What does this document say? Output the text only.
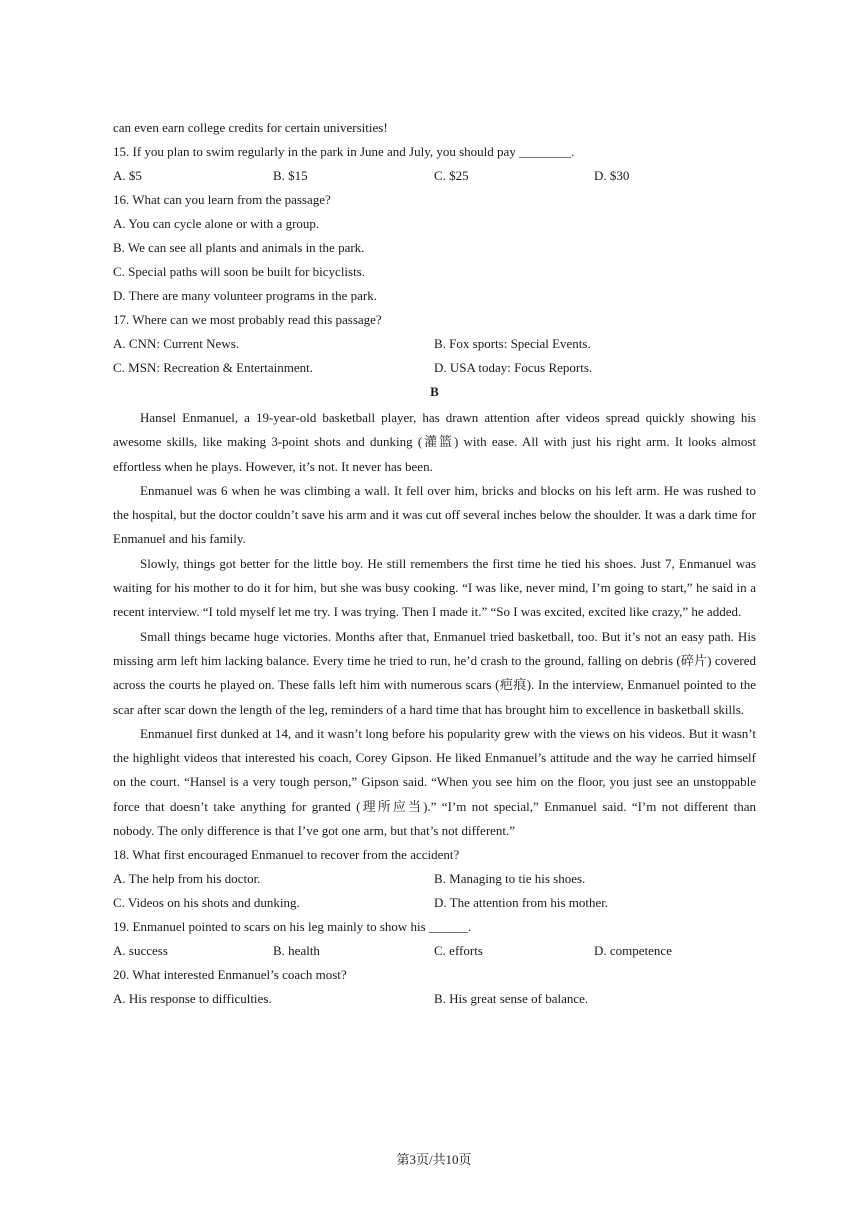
can even earn college credits for certain universities!
15. If you plan to swim regularly in the park in June and July, you should pay ________.
A. $5	B. $15	C. $25	D. $30
16. What can you learn from the passage?
A. You can cycle alone or with a group.
B. We can see all plants and animals in the park.
C. Special paths will soon be built for bicyclists.
D. There are many volunteer programs in the park.
17. Where can we most probably read this passage?
A. CNN: Current News.	B. Fox sports: Special Events.
C. MSN: Recreation & Entertainment.	D. USA today: Focus Reports.
B

Hansel Enmanuel, a 19-year-old basketball player, has drawn attention after videos spread quickly showing his awesome skills, like making 3-point shots and dunking (灌篮) with ease. All with just his right arm. It looks almost effortless when he plays. However, it’s not. It never has been.

Enmanuel was 6 when he was climbing a wall. It fell over him, bricks and blocks on his left arm. He was rushed to the hospital, but the doctor couldn’t save his arm and it was cut off several inches below the shoulder. It was a dark time for Enmanuel and his family.

Slowly, things got better for the little boy. He still remembers the first time he tied his shoes. Just 7, Enmanuel was waiting for his mother to do it for him, but she was busy cooking. “I was like, never mind, I’m going to start,” he said in a recent interview. “I told myself let me try. I was trying. Then I made it.” “So I was excited, excited like crazy,” he added.

Small things became huge victories. Months after that, Enmanuel tried basketball, too. But it’s not an easy path. His missing arm left him lacking balance. Every time he tried to run, he’d crash to the ground, falling on debris (碎片) covered across the courts he played on. These falls left him with numerous scars (疤痕). In the interview, Enmanuel pointed to the scar after scar down the length of the leg, reminders of a hard time that has brought him to excellence in basketball skills.

Enmanuel first dunked at 14, and it wasn’t long before his popularity grew with the views on his videos. But it wasn’t the highlight videos that interested his coach, Corey Gipson. He liked Enmanuel’s attitude and the way he carried himself on the court. “Hansel is a very tough person,” Gipson said. “When you see him on the floor, you just see an unstoppable force that doesn’t take anything for granted (理所应当).” “I’m not special,” Enmanuel said. “I’m not different than nobody. The only difference is that I’ve got one arm, but that’s not different.”

18. What first encouraged Enmanuel to recover from the accident?
A. The help from his doctor.	B. Managing to tie his shoes.
C. Videos on his shots and dunking.	D. The attention from his mother.
19. Enmanuel pointed to scars on his leg mainly to show his ______.
A. success	B. health	C. efforts	D. competence
20. What interested Enmanuel’s coach most?
A. His response to difficulties.	B. His great sense of balance.
第3页/共10页
